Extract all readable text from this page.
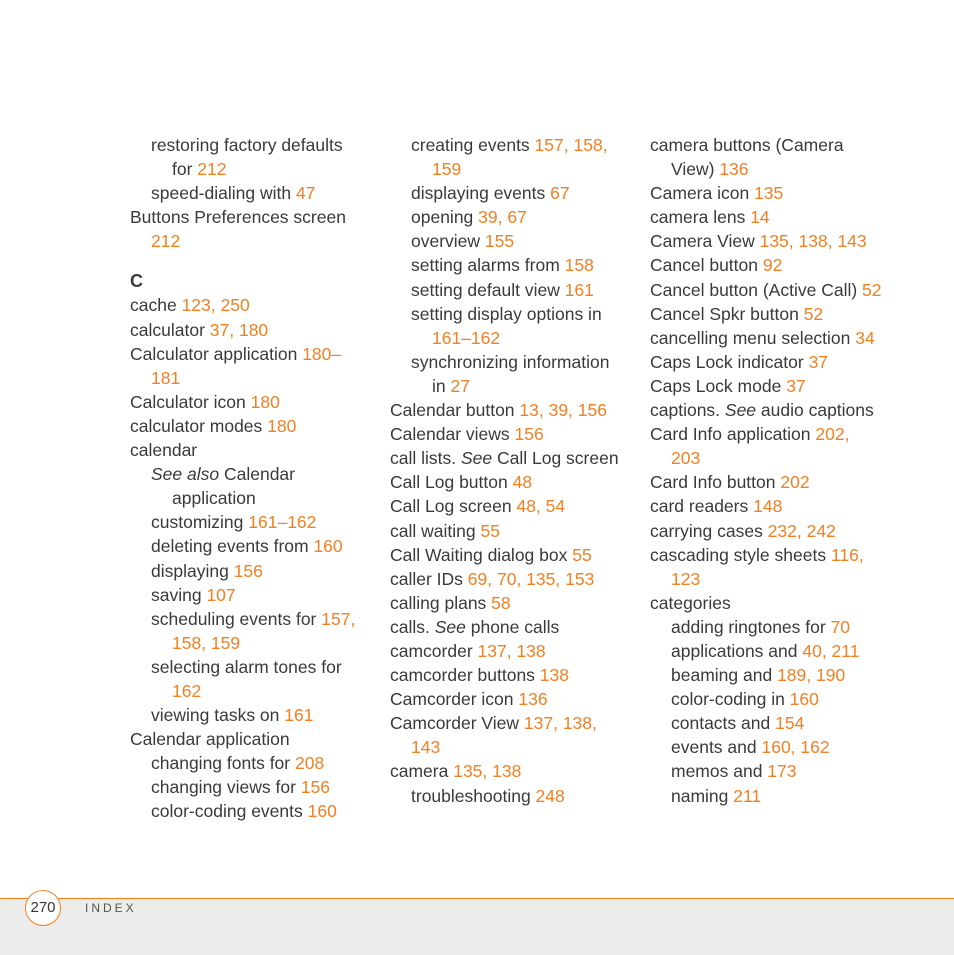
restoring factory defaults
for 212
speed-dialing with 47
Buttons Preferences screen
212
C
cache 123, 250
calculator 37, 180
Calculator application 180–
181
Calculator icon 180
calculator modes 180
calendar
See also Calendar
application
customizing 161–162
deleting events from 160
displaying 156
saving 107
scheduling events for 157,
158, 159
selecting alarm tones for
162
viewing tasks on 161
Calendar application
changing fonts for 208
changing views for 156
color-coding events 160
creating events 157, 158,
159
displaying events 67
opening 39, 67
overview 155
setting alarms from 158
setting default view 161
setting display options in
161–162
synchronizing information
in 27
Calendar button 13, 39, 156
Calendar views 156
call lists. See Call Log screen
Call Log button 48
Call Log screen 48, 54
call waiting 55
Call Waiting dialog box 55
caller IDs 69, 70, 135, 153
calling plans 58
calls. See phone calls
camcorder 137, 138
camcorder buttons 138
Camcorder icon 136
Camcorder View 137, 138,
143
camera 135, 138
troubleshooting 248
camera buttons (Camera
View) 136
Camera icon 135
camera lens 14
Camera View 135, 138, 143
Cancel button 92
Cancel button (Active Call) 52
Cancel Spkr button 52
cancelling menu selection 34
Caps Lock indicator 37
Caps Lock mode 37
captions. See audio captions
Card Info application 202,
203
Card Info button 202
card readers 148
carrying cases 232, 242
cascading style sheets 116,
123
categories
adding ringtones for 70
applications and 40, 211
beaming and 189, 190
color-coding in 160
contacts and 154
events and 160, 162
memos and 173
naming 211
270	INDEX
